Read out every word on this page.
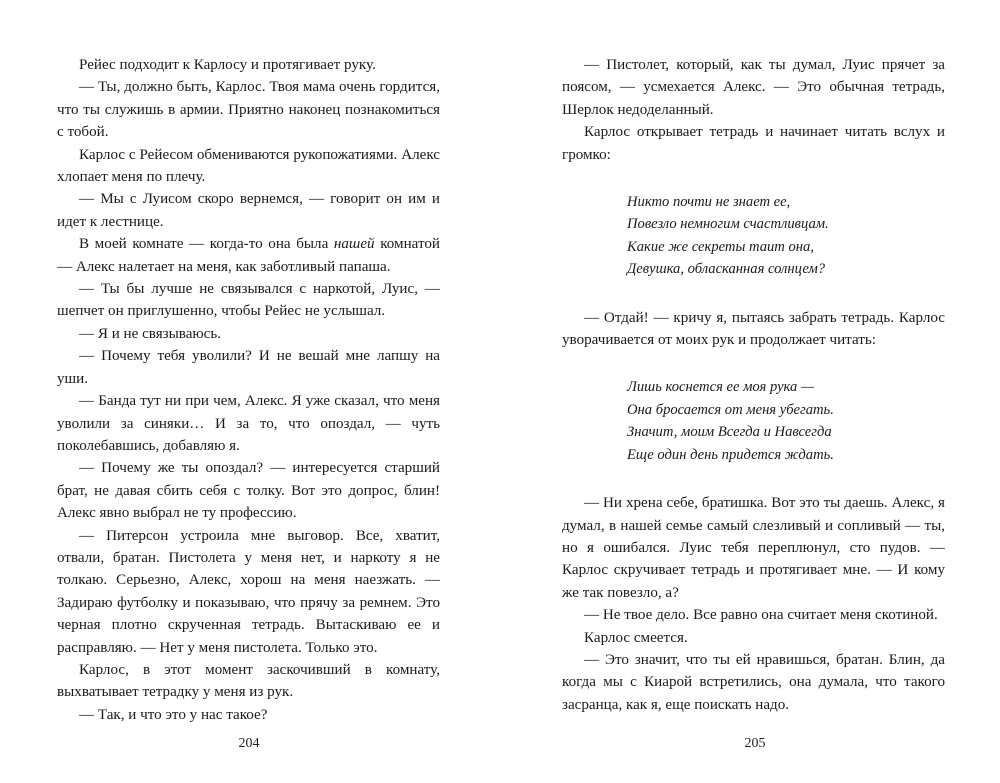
Рейес подходит к Карлосу и протягивает руку.

— Ты, должно быть, Карлос. Твоя мама очень гордится, что ты служишь в армии. Приятно наконец познакомиться с тобой.

Карлос с Рейесом обмениваются рукопожатиями. Алекс хлопает меня по плечу.

— Мы с Луисом скоро вернемся, — говорит он им и идет к лестнице.

В моей комнате — когда-то она была нашей комнатой — Алекс налетает на меня, как заботливый папаша.

— Ты бы лучше не связывался с наркотой, Луис, — шепчет он приглушенно, чтобы Рейес не услышал.

— Я и не связываюсь.

— Почему тебя уволили? И не вешай мне лапшу на уши.

— Банда тут ни при чем, Алекс. Я уже сказал, что меня уволили за синяки… И за то, что опоздал, — чуть поколебавшись, добавляю я.

— Почему же ты опоздал? — интересуется старший брат, не давая сбить себя с толку. Вот это допрос, блин! Алекс явно выбрал не ту профессию.

— Питерсон устроила мне выговор. Все, хватит, отвали, братан. Пистолета у меня нет, и наркоту я не толкаю. Серьезно, Алекс, хорош на меня наезжать. — Задираю футболку и показываю, что прячу за ремнем. Это черная плотно скрученная тетрадь. Вытаскиваю ее и расправляю. — Нет у меня пистолета. Только это.

Карлос, в этот момент заскочивший в комнату, выхватывает тетрадку у меня из рук.

— Так, и что это у нас такое?

204

— Пистолет, который, как ты думал, Луис прячет за поясом, — усмехается Алекс. — Это обычная тетрадь, Шерлок недоделанный.

Карлос открывает тетрадь и начинает читать вслух и громко:

Никто почти не знает ее,
Повезло немногим счастливцам.
Какие же секреты таит она,
Девушка, обласканная солнцем?

— Отдай! — кричу я, пытаясь забрать тетрадь. Карлос уворачивается от моих рук и продолжает читать:

Лишь коснется ее моя рука —
Она бросается от меня убегать.
Значит, моим Всегда и Навсегда
Еще один день придется ждать.

— Ни хрена себе, братишка. Вот это ты даешь. Алекс, я думал, в нашей семье самый слезливый и сопливый — ты, но я ошибался. Луис тебя переплюнул, сто пудов. — Карлос скручивает тетрадь и протягивает мне. — И кому же так повезло, а?

— Не твое дело. Все равно она считает меня скотиной.

Карлос смеется.

— Это значит, что ты ей нравишься, братан. Блин, да когда мы с Киарой встретились, она думала, что такого засранца, как я, еще поискать надо.

205
